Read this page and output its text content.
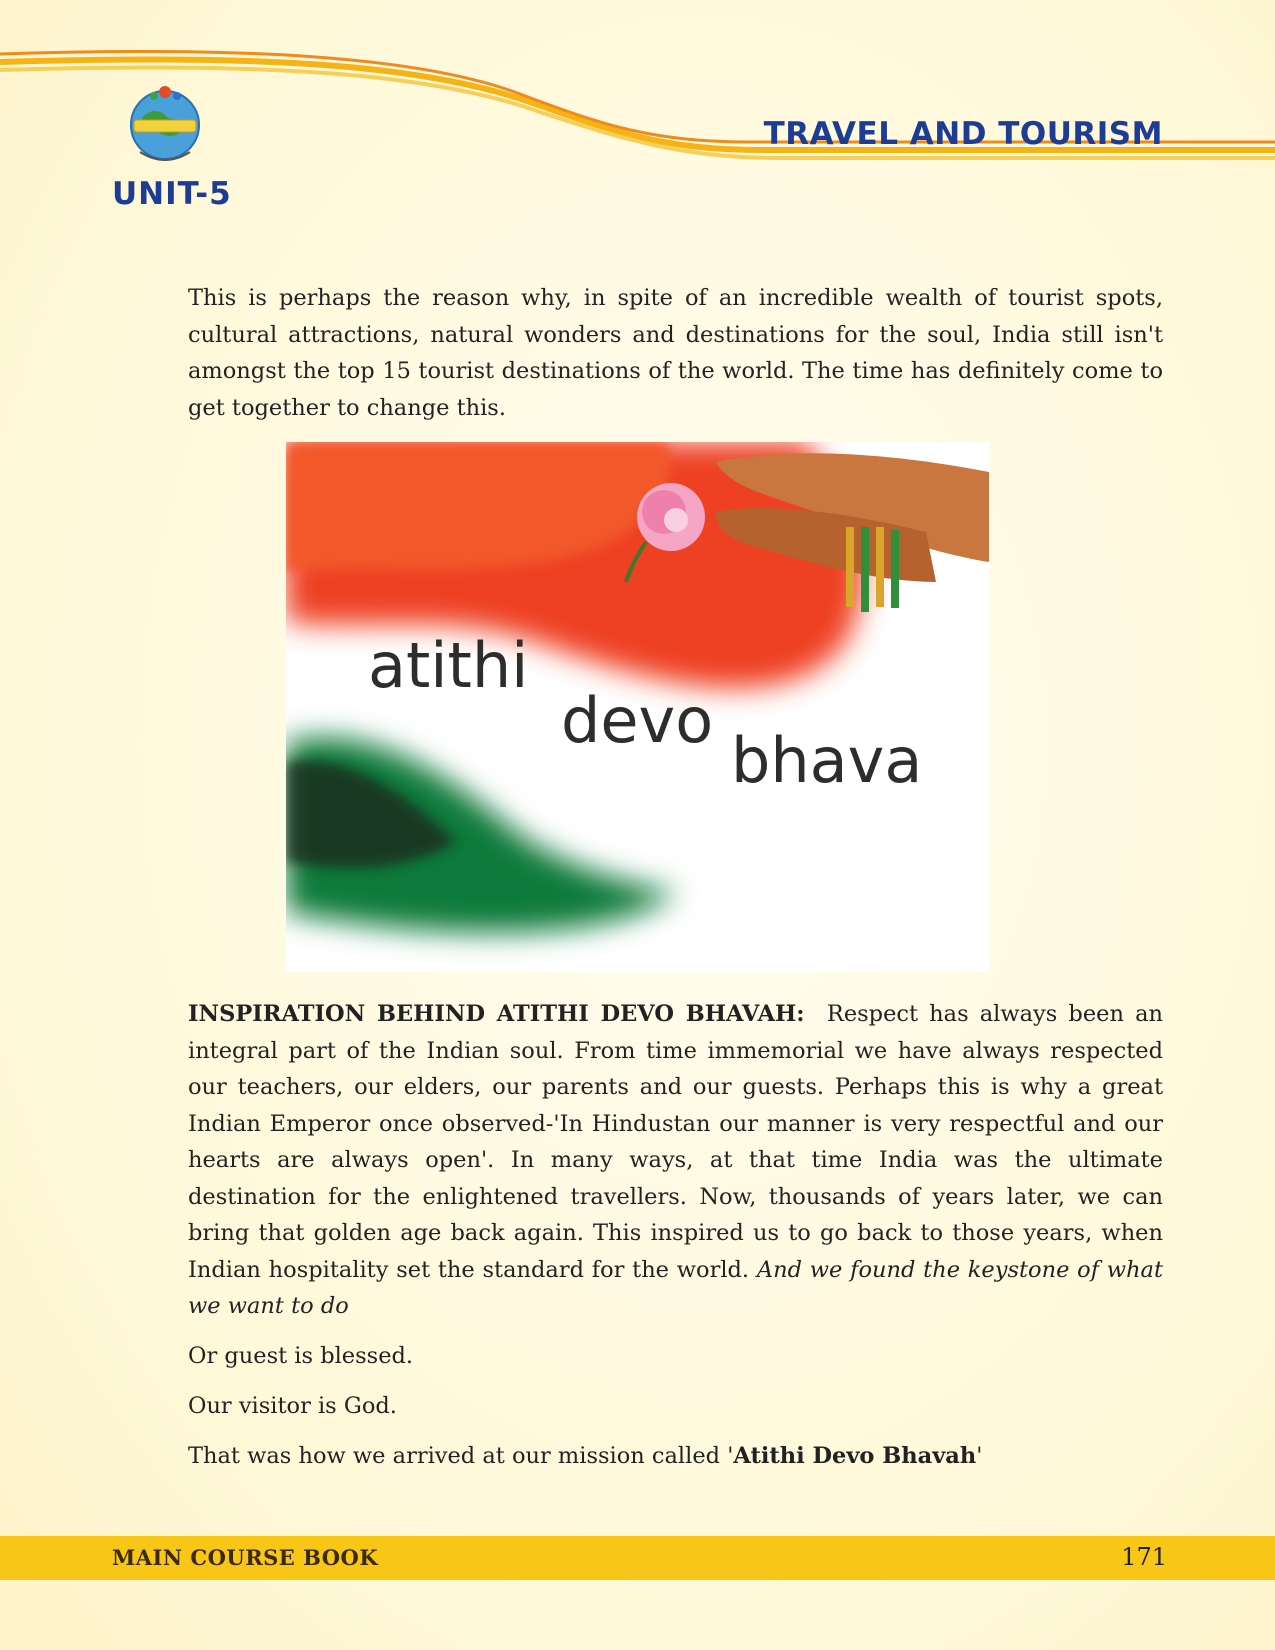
UNIT-5
TRAVEL AND TOURISM

This is perhaps the reason why, in spite of an incredible wealth of tourist spots, cultural attractions, natural wonders and destinations for the soul, India still isn't amongst the top 15 tourist destinations of the world. The time has definitely come to get together to change this.

atithi
devo
bhava

INSPIRATION BEHIND ATITHI DEVO BHAVAH: Respect has always been an integral part of the Indian soul. From time immemorial we have always respected our teachers, our elders, our parents and our guests. Perhaps this is why a great Indian Emperor once observed-'In Hindustan our manner is very respectful and our hearts are always open'. In many ways, at that time India was the ultimate destination for the enlightened travellers. Now, thousands of years later, we can bring that golden age back again. This inspired us to go back to those years, when Indian hospitality set the standard for the world. And we found the keystone of what we want to do

Or guest is blessed.

Our visitor is God.

That was how we arrived at our mission called 'Atithi Devo Bhavah'

MAIN COURSE BOOK	171
